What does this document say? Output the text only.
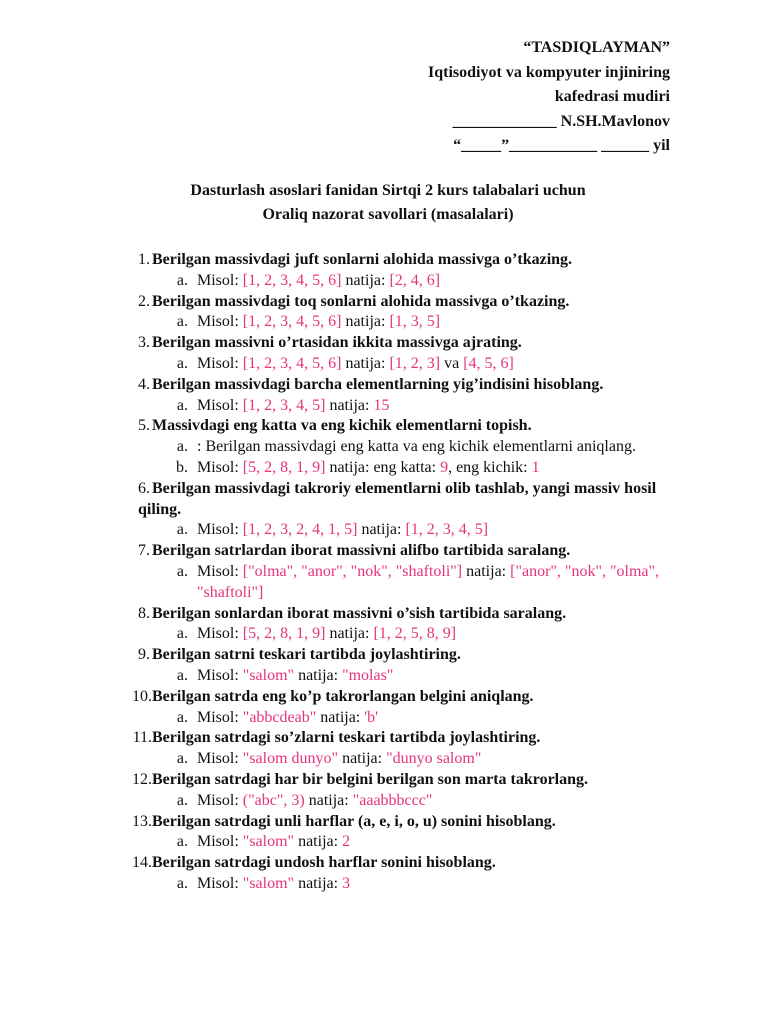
“TASDIQLAYMAN”
Iqtisodiyot va kompyuter injiniring
kafedrasi mudiri
_____________ N.SH.Mavlonov
“_____”___________ ______ yil
Dasturlash asoslari fanidan Sirtqi 2 kurs talabalari uchun
Oraliq nazorat savollari (masalalari)
1. Berilgan massivdagi juft sonlarni alohida massivga o’tkazing.
a. Misol: [1, 2, 3, 4, 5, 6] natija: [2, 4, 6]
2. Berilgan massivdagi toq sonlarni alohida massivga o’tkazing.
a. Misol: [1, 2, 3, 4, 5, 6] natija: [1, 3, 5]
3. Berilgan massivni o’rtasidan ikkita massivga ajrating.
a. Misol: [1, 2, 3, 4, 5, 6] natija: [1, 2, 3] va [4, 5, 6]
4. Berilgan massivdagi barcha elementlarning yig’indisini hisoblang.
a. Misol: [1, 2, 3, 4, 5] natija: 15
5. Massivdagi eng katta va eng kichik elementlarni topish.
a. : Berilgan massivdagi eng katta va eng kichik elementlarni aniqlang.
b. Misol: [5, 2, 8, 1, 9] natija: eng katta: 9, eng kichik: 1
6. Berilgan massivdagi takroriy elementlarni olib tashlab, yangi massiv hosil qiling.
a. Misol: [1, 2, 3, 2, 4, 1, 5] natija: [1, 2, 3, 4, 5]
7. Berilgan satrlardan iborat massivni alifbo tartibida saralang.
a. Misol: ["olma", "anor", "nok", "shaftoli"] natija: ["anor", "nok", "olma", "shaftoli"]
8. Berilgan sonlardan iborat massivni o’sish tartibida saralang.
a. Misol: [5, 2, 8, 1, 9] natija: [1, 2, 5, 8, 9]
9. Berilgan satrni teskari tartibda joylashtiring.
a. Misol: "salom" natija: "molas"
10. Berilgan satrda eng ko’p takrorlangan belgini aniqlang.
a. Misol: "abbcdeab" natija: 'b'
11. Berilgan satrdagi so’zlarni teskari tartibda joylashtiring.
a. Misol: "salom dunyo" natija: "dunyo salom"
12. Berilgan satrdagi har bir belgini berilgan son marta takrorlang.
a. Misol: ("abc", 3) natija: "aaabbbccc"
13. Berilgan satrdagi unli harflar (a, e, i, o, u) sonini hisoblang.
a. Misol: "salom" natija: 2
14. Berilgan satrdagi undosh harflar sonini hisoblang.
a. Misol: "salom" natija: 3
